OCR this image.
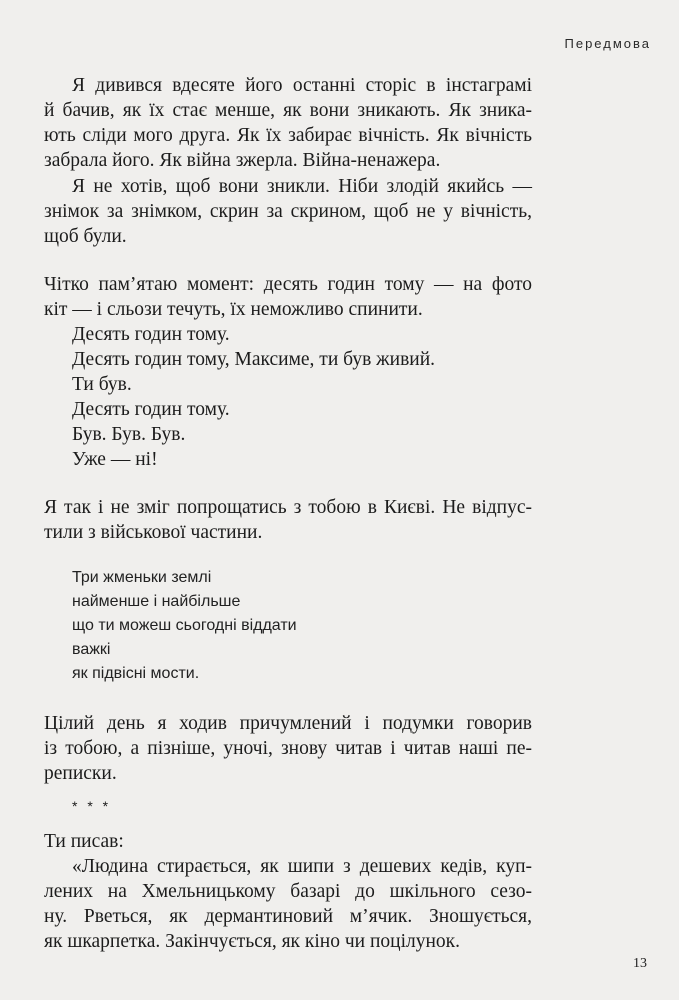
Передмова
Я дивився вдесяте його останні сторіс в інстаграмі
й бачив, як їх стає менше, як вони зникають. Як зника-
ють сліди мого друга. Як їх забирає вічність. Як вічність
забрала його. Як війна зжерла. Війна-ненажера.
Я не хотів, щоб вони зникли. Ніби злодій якийсь —
знімок за знімком, скрин за скрином, щоб не у вічність,
щоб були.
Чітко пам’ятаю момент: десять годин тому — на фото
кіт — і сльози течуть, їх неможливо спинити.
Десять годин тому.
Десять годин тому, Максиме, ти був живий.
Ти був.
Десять годин тому.
Був. Був. Був.
Уже — ні!
Я так і не зміг попрощатись з тобою в Києві. Не відпус-
тили з військової частини.
Три жменьки землі
найменше і найбільше
що ти можеш сьогодні віддати
важкі
як підвісні мости.
Цілий день я ходив причумлений і подумки говорив
із тобою, а пізніше, уночі, знову читав і читав наші пе-
реписки.
* * *
Ти писав:
«Людина стирається, як шипи з дешевих кедів, куп-
лених на Хмельницькому базарі до шкільного сезо-
ну. Рветься, як дермантиновий м’ячик. Зношується,
як шкарпетка. Закінчується, як кіно чи поцілунок.
13
